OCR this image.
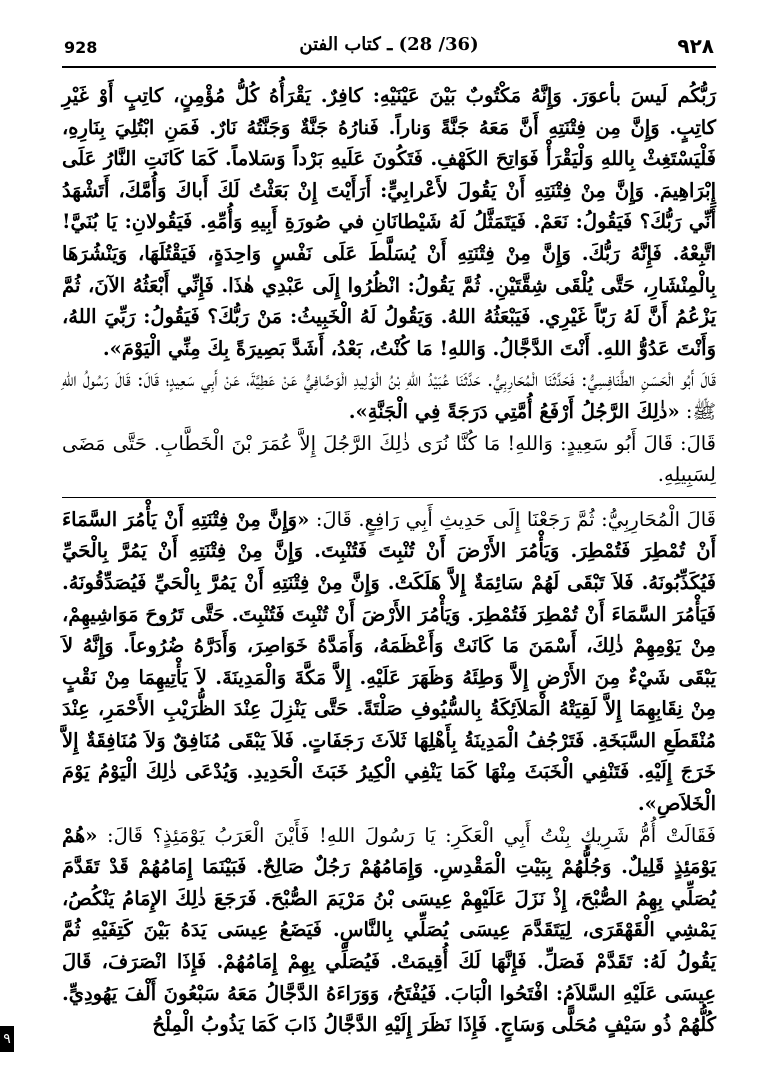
928	(36/ 28) ـ كتاب الفتن	٩٢٨

رَبُّكُم لَيسَ بأعوَرَ. وَإِنَّهُ مَكْتُوبٌ بَيْنَ عَيْنَيْهِ: كافِرٌ. يَقْرَأُهُ كُلُّ مُؤْمِنٍ، كاتِبٍ أَوْ غَيْرِ كاتِبٍ. وَإِنَّ مِن فِتْنَتِهِ أَنَّ مَعَهُ جَنَّةً وَناراً. فَنارُهُ جَنَّةٌ وَجَنَّتُهُ نَارٌ. فَمَنِ ابْتُلِيَ بِنَارِهِ، فَلْيَسْتَغِثْ بِاللهِ وَلْيَقْرَأْ فَوَاتِحَ الكَهْفِ. فَتَكُونَ عَلَيهِ بَرْداً وَسَلاماً. كَمَا كَانَتِ النَّارُ عَلَى إِبْرَاهِيمَ. وَإِنَّ مِنْ فِتْنَتِهِ أَنْ يَقُولَ لأَعْرابِيٍّ: أَرَأَيْتَ إِنْ بَعَثْتُ لَكَ أَباكَ وَأُمَّكَ، أَتَشْهَدُ أَنِّي رَبُّكَ؟ فَيَقُولُ: نَعَمْ. فَيَتَمَثَّلُ لَهُ شَيْطانَانِ في صُورَةِ أَبِيهِ وَأُمِّهِ. فَيَقُولانِ: يَا بُنَيَّ! اتَّبِعْهُ. فَإِنَّهُ رَبُّكَ. وَإِنَّ مِنْ فِتْنَتِهِ أَنْ يُسَلَّطَ عَلَى نَفْسٍ وَاحِدَةٍ، فَيَقْتُلَهَا، وَيَنْشُرَهَا بِالْمِنْشَارِ، حَتَّى يُلْقَى شِقَّتَيْنِ. ثُمَّ يَقُولُ: انْظُرُوا إِلَى عَبْدِي هٰذَا. فَإِنِّي أَبْعَثُهُ الآنَ، ثُمَّ يَزْعُمُ أَنَّ لَهُ رَبّاً غَيْرِي. فَيَبْعَثُهُ اللهُ. وَيَقُولُ لَهُ الْخَبِيثُ: مَنْ رَبُّكَ؟ فَيَقُولُ: رَبِّيَ اللهُ، وَأَنْتَ عَدُوُّ اللهِ. أَنْتَ الدَّجَّالُ. وَاللهِ! مَا كُنْتُ، بَعْدُ، أَشَدَّ بَصِيرَةً بِكَ مِنِّي الْيَوْمَ».

قَالَ أَبُو الْحَسَنِ الطَّنَافِسِيُّ: فَحَدَّثَنَا الْمُحَارِبِيُّ. حَدَّثَنَا عُبَيْدُ اللهِ بْنُ الْوَلِيدِ الْوَصَّافِيُّ عَنْ عَطِيَّةَ، عَنْ أَبِي سَعِيدٍ؛ قَالَ: قَالَ رَسُولُ اللهِ ﷺ: «ذٰلِكَ الرَّجُلُ أَرْفَعُ أُمَّتِي دَرَجَةً فِي الْجَنَّةِ».

قَالَ: قَالَ أَبُو سَعِيدٍ: وَاللهِ! مَا كُنَّا نُرَى ذٰلِكَ الرَّجُلَ إِلاَّ عُمَرَ بْنَ الْخَطَّابِ. حَتَّى مَضَى لِسَبِيلِهِ.

قَالَ الْمُحَارِبِيُّ: ثُمَّ رَجَعْنَا إِلَى حَدِيثِ أَبِي رَافِعٍ. قَالَ: «وَإِنَّ مِنْ فِتْنَتِهِ أَنْ يَأْمُرَ السَّمَاءَ أَنْ تُمْطِرَ فَتُمْطِرَ. وَيَأْمُرَ الأَرْضَ أَنْ تُنْبِتَ فَتُنْبِتَ. وَإِنَّ مِنْ فِتْنَتِهِ أَنْ يَمُرَّ بِالْحَيِّ فَيُكَذِّبُونَهُ. فَلاَ تَبْقَى لَهُمْ سَائِمَةٌ إِلاَّ هَلَكَتْ. وَإِنَّ مِنْ فِتْنَتِهِ أَنْ يَمُرَّ بِالْحَيِّ فَيُصَدِّقُونَهُ. فَيَأْمُرَ السَّمَاءَ أَنْ تُمْطِرَ فَتُمْطِرَ. وَيَأْمُرَ الأَرْضَ أَنْ تُنْبِتَ فَتُنْبِتَ. حَتَّى تَرُوحَ مَوَاشِيهِمْ، مِنْ يَوْمِهِمْ ذٰلِكَ، أَسْمَنَ مَا كَانَتْ وَأَعْظَمَهُ، وَأَمَدَّهُ خَوَاصِرَ، وَأَدَرَّهُ ضُرُوعاً. وَإِنَّهُ لاَ يَبْقَى شَيْءٌ مِنَ الأَرْضِ إِلاَّ وَطِئَهُ وَظَهَرَ عَلَيْهِ. إِلاَّ مَكَّةَ وَالْمَدِينَةَ. لاَ يَأْتِيهِمَا مِنْ نَقْبٍ مِنْ نِقَابِهِمَا إِلاَّ لَقِيَتْهُ الْمَلاَئِكَةُ بِالسُّيُوفِ صَلْتَةً. حَتَّى يَنْزِلَ عِنْدَ الظُّرَيْبِ الأَحْمَرِ، عِنْدَ مُنْقَطَعِ السَّبَخَةِ. فَتَرْجُفُ الْمَدِينَةُ بِأَهْلِهَا ثَلاَثَ رَجَفَاتٍ. فَلاَ يَبْقَى مُنَافِقٌ وَلاَ مُنَافِقَةٌ إِلاَّ خَرَجَ إِلَيْهِ. فَتَنْفِي الْخَبَثَ مِنْهَا كَمَا يَنْفِي الْكِيرُ خَبَثَ الْحَدِيدِ. وَيُدْعَى ذٰلِكَ الْيَوْمُ يَوْمَ الْخَلاَصِ».

فَقَالَتْ أُمُّ شَرِيكٍ بِنْتُ أَبِي الْعَكَرِ: يَا رَسُولَ اللهِ! فَأَيْنَ الْعَرَبُ يَوْمَئِذٍ؟ قَالَ: «هُمْ يَوْمَئِذٍ قَلِيلٌ. وَجُلُّهُمْ بِبَيْتِ الْمَقْدِسِ. وَإِمَامُهُمْ رَجُلٌ صَالِحٌ. فَبَيْنَمَا إِمَامُهُمْ قَدْ تَقَدَّمَ يُصَلِّي بِهِمُ الصُّبْحَ، إِذْ نَزَلَ عَلَيْهِمْ عِيسَى بْنُ مَرْيَمَ الصُّبْحَ. فَرَجَعَ ذٰلِكَ الإِمَامُ يَنْكُصُ، يَمْشِي الْقَهْقَرَى، لِيَتَقَدَّمَ عِيسَى يُصَلِّي بِالنَّاسِ. فَيَضَعُ عِيسَى يَدَهُ بَيْنَ كَتِفَيْهِ ثُمَّ يَقُولُ لَهُ: تَقَدَّمْ فَصَلِّ. فَإِنَّهَا لَكَ أُقِيمَتْ. فَيُصَلِّي بِهِمْ إِمَامُهُمْ. فَإِذَا انْصَرَفَ، قَالَ عِيسَى عَلَيْهِ السَّلاَمُ: افْتَحُوا الْبَابَ. فَيُفْتَحُ، وَوَرَاءَهُ الدَّجَّالُ مَعَهُ سَبْعُونَ أَلْفَ يَهُودِيٍّ. كُلُّهُمْ ذُو سَيْفٍ مُحَلًّى وَسَاجٍ. فَإِذَا نَظَرَ إِلَيْهِ الدَّجَّالُ ذَابَ كَمَا يَذُوبُ الْمِلْحُ

٩
